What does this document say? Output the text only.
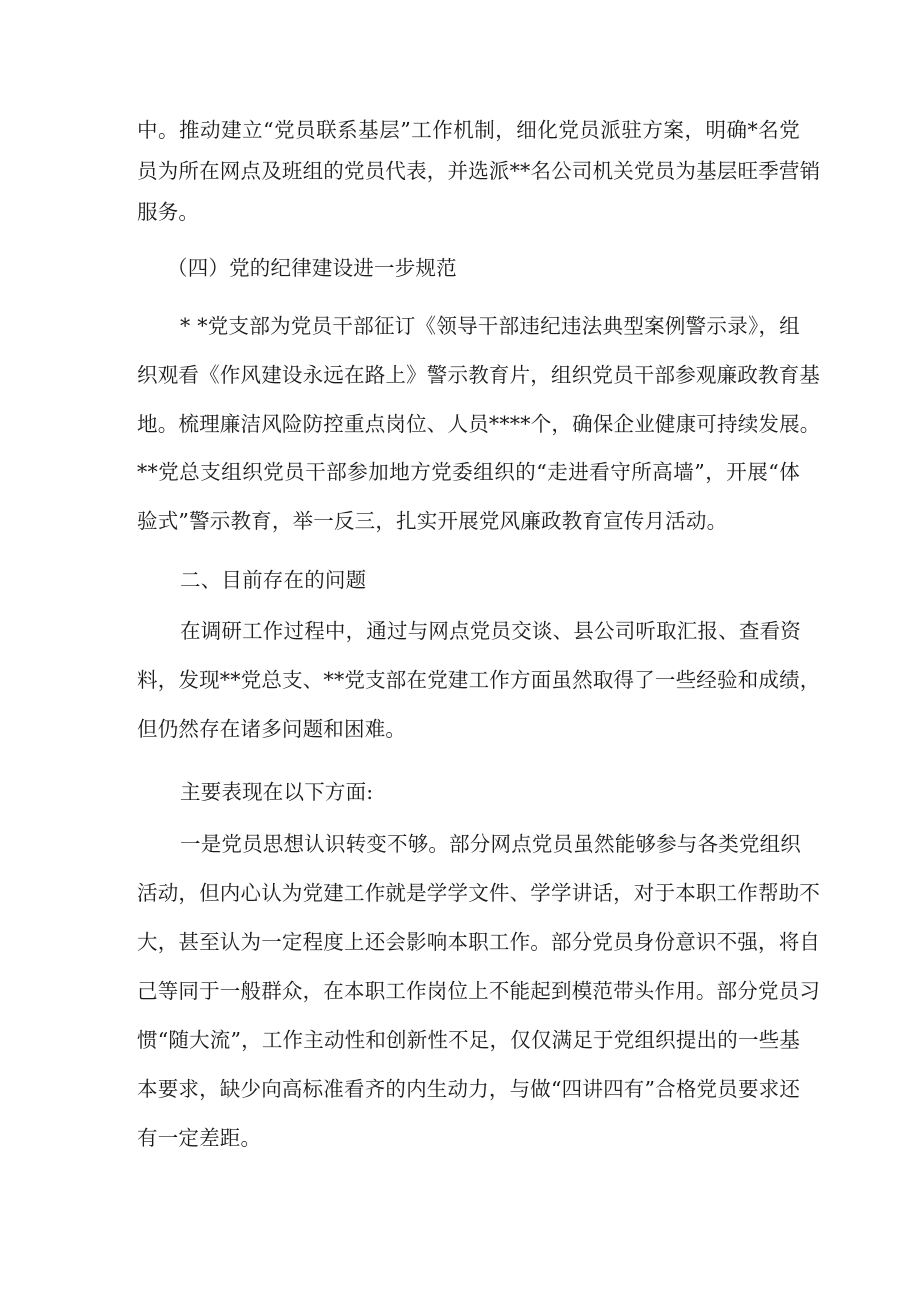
中。推动建立“党员联系基层”工作机制，细化党员派驻方案，明确*名党
员为所在网点及班组的党员代表，并选派**名公司机关党员为基层旺季营销
服务。
（四）党的纪律建设进一步规范
* *党支部为党员干部征订《领导干部违纪违法典型案例警示录》，组
织观看《作风建设永远在路上》警示教育片，组织党员干部参观廉政教育基
地。梳理廉洁风险防控重点岗位、人员****个，确保企业健康可持续发展。
**党总支组织党员干部参加地方党委组织的“走进看守所高墙”，开展“体
验式”警示教育，举一反三，扎实开展党风廉政教育宣传月活动。
二、目前存在的问题
在调研工作过程中，通过与网点党员交谈、县公司听取汇报、查看资
料，发现**党总支、**党支部在党建工作方面虽然取得了一些经验和成绩，
但仍然存在诸多问题和困难。
主要表现在以下方面:
一是党员思想认识转变不够。部分网点党员虽然能够参与各类党组织
活动，但内心认为党建工作就是学学文件、学学讲话，对于本职工作帮助不
大，甚至认为一定程度上还会影响本职工作。部分党员身份意识不强，将自
己等同于一般群众，在本职工作岗位上不能起到模范带头作用。部分党员习
惯“随大流”，工作主动性和创新性不足，仅仅满足于党组织提出的一些基
本要求，缺少向高标准看齐的内生动力，与做“四讲四有”合格党员要求还
有一定差距。
